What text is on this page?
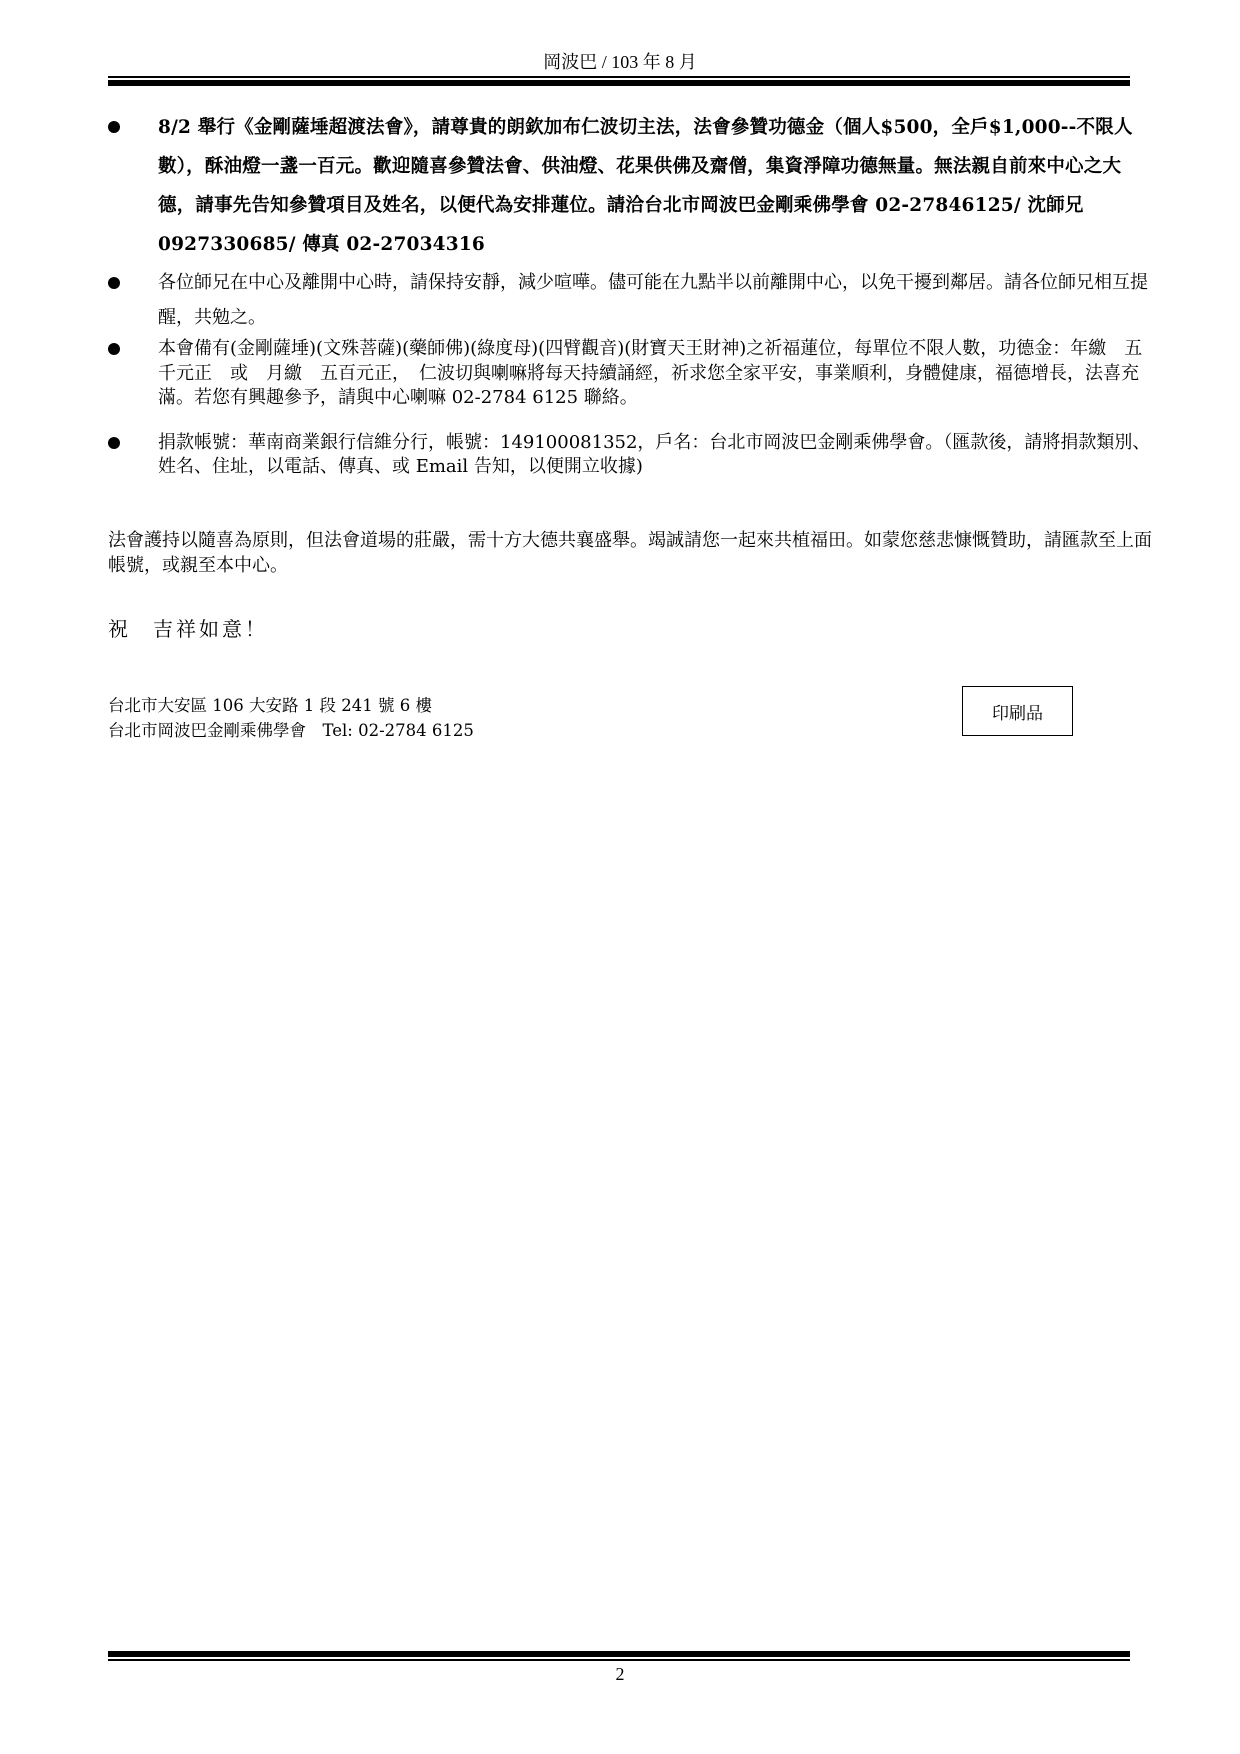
岡波巴 / 103 年 8 月
8/2 舉行《金剛薩埵超渡法會》，請尊貴的朗欽加布仁波切主法，法會參贊功德金（個人$500，全戶$1,000--不限人數），酥油燈一盞一百元。歡迎隨喜參贊法會、供油燈、花果供佛及齋僧，集資淨障功德無量。無法親自前來中心之大德，請事先告知參贊項目及姓名，以便代為安排蓮位。請洽台北市岡波巴金剛乘佛學會 02-27846125/ 沈師兄 0927330685/ 傳真 02-27034316
各位師兄在中心及離開中心時，請保持安靜，減少喧嘩。儘可能在九點半以前離開中心，以免干擾到鄰居。請各位師兄相互提醒，共勉之。
本會備有(金剛薩埵)(文殊菩薩)(藥師佛)(綠度母)(四臂觀音)(財寶天王財神)之祈福蓮位，每單位不限人數，功德金：年繳　五千元正　或　月繳　五百元正，　仁波切與喇嘛將每天持續誦經，祈求您全家平安，事業順利，身體健康，福德增長，法喜充滿。若您有興趣參予，請與中心喇嘛 02-2784 6125 聯絡。
捐款帳號：華南商業銀行信維分行，帳號：149100081352，戶名：台北市岡波巴金剛乘佛學會。（匯款後，請將捐款類別、姓名、住址，以電話、傳真、或 Email 告知，以便開立收據)

法會護持以隨喜為原則，但法會道場的莊嚴，需十方大德共襄盛舉。竭誠請您一起來共植福田。如蒙您慈悲慷慨贊助，請匯款至上面帳號，或親至本中心。

祝 吉祥如意！

台北市大安區 106 大安路 1 段 241 號 6 樓
台北市岡波巴金剛乘佛學會　Tel: 02-2784 6125
印刷品
2
